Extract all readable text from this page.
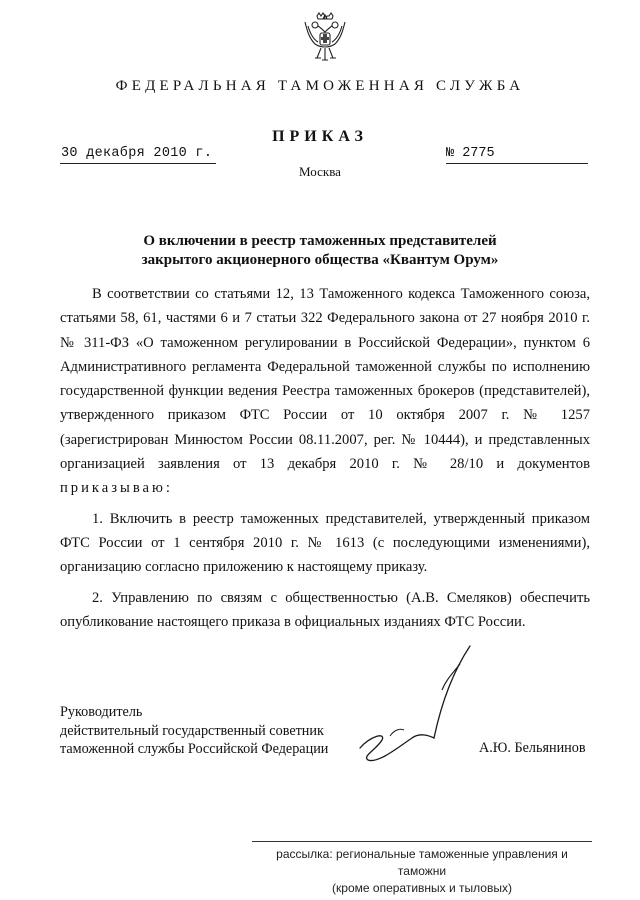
ФЕДЕРАЛЬНАЯ ТАМОЖЕННАЯ СЛУЖБА
ПРИКАЗ
30 декабря 2010 г.	№ 2775
Москва
О включении в реестр таможенных представителей
закрытого акционерного общества «Квантум Орум»

В соответствии со статьями 12, 13 Таможенного кодекса Таможенного союза, статьями 58, 61, частями 6 и 7 статьи 322 Федерального закона от 27 ноября 2010 г. № 311-ФЗ «О таможенном регулировании в Российской Федерации», пунктом 6 Административного регламента Федеральной таможенной службы по исполнению государственной функции ведения Реестра таможенных брокеров (представителей), утвержденного приказом ФТС России от 10 октября 2007 г. № 1257 (зарегистрирован Минюстом России 08.11.2007, рег. № 10444), и представленных организацией заявления от 13 декабря 2010 г. № 28/10 и документов приказываю:

1. Включить в реестр таможенных представителей, утвержденный приказом ФТС России от 1 сентября 2010 г. № 1613 (с последующими изменениями), организацию согласно приложению к настоящему приказу.

2. Управлению по связям с общественностью (А.В. Смеляков) обеспечить опубликование настоящего приказа в официальных изданиях ФТС России.

Руководитель
действительный государственный советник
таможенной службы Российской Федерации	А.Ю. Бельянинов
рассылка: региональные таможенные управления и таможни
(кроме оперативных и тыловых)
